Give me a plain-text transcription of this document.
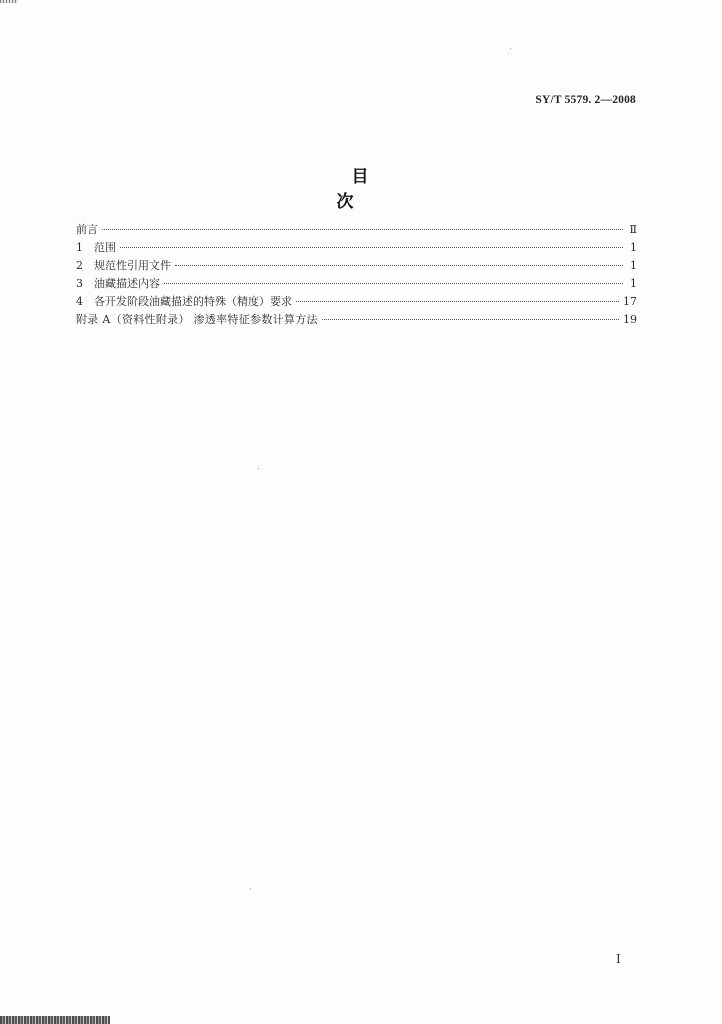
SY/T 5579. 2—2008
目 次
前言	Ⅱ
1	范围	1
2	规范性引用文件	1
3	油藏描述内容	1
4	各开发阶段油藏描述的特殊（精度）要求	17
附录 A（资料性附录） 渗透率特征参数计算方法	19
Ⅰ
